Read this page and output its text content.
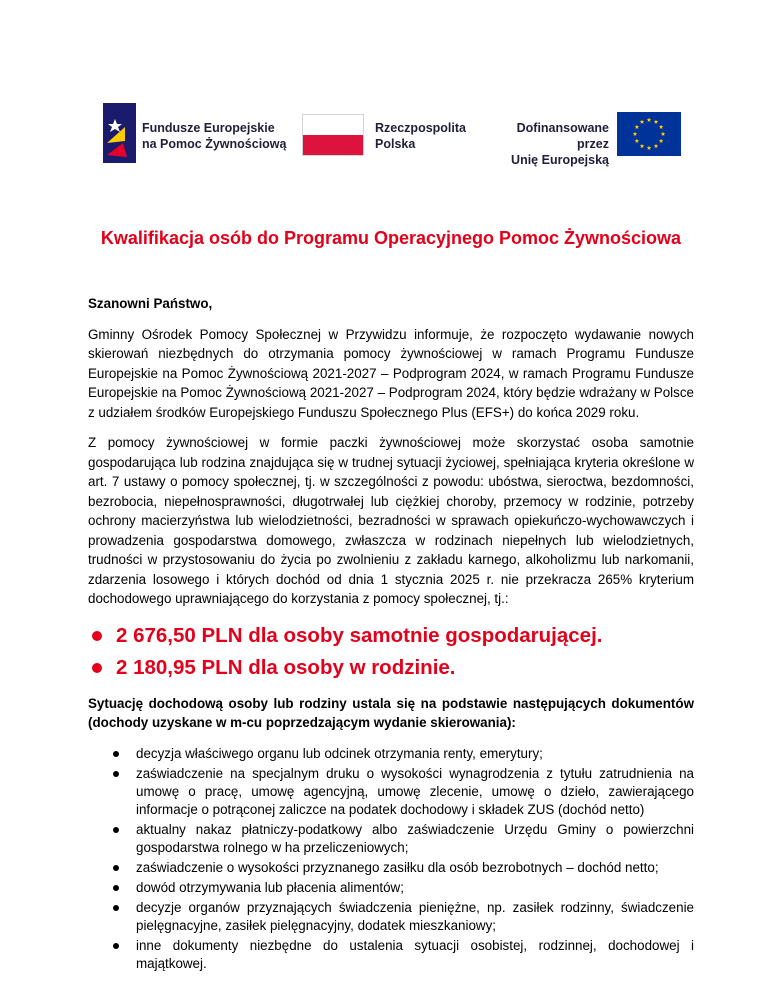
Fundusze Europejskie
na Pomoc Żywnościową
Rzeczpospolita
Polska
Dofinansowane przez
Unię Europejską
Kwalifikacja osób do Programu Operacyjnego Pomoc Żywnościowa

Szanowni Państwo,

Gminny Ośrodek Pomocy Społecznej w Przywidzu informuje, że rozpoczęto wydawanie nowych skierowań niezbędnych do otrzymania pomocy żywnościowej w ramach Programu Fundusze Europejskie na Pomoc Żywnościową 2021-2027 – Podprogram 2024, w ramach Programu Fundusze Europejskie na Pomoc Żywnościową 2021-2027 – Podprogram 2024, który będzie wdrażany w Polsce z udziałem środków Europejskiego Funduszu Społecznego Plus (EFS+) do końca 2029 roku.

Z pomocy żywnościowej w formie paczki żywnościowej może skorzystać osoba samotnie gospodarująca lub rodzina znajdująca się w trudnej sytuacji życiowej, spełniająca kryteria określone w art. 7 ustawy o pomocy społecznej, tj. w szczególności z powodu: ubóstwa, sieroctwa, bezdomności, bezrobocia, niepełnosprawności, długotrwałej lub ciężkiej choroby, przemocy w rodzinie, potrzeby ochrony macierzyństwa lub wielodzietności, bezradności w sprawach opiekuńczo-wychowawczych i prowadzenia gospodarstwa domowego, zwłaszcza w rodzinach niepełnych lub wielodzietnych, trudności w przystosowaniu do życia po zwolnieniu z zakładu karnego, alkoholizmu lub narkomanii, zdarzenia losowego i których dochód od dnia 1 stycznia 2025 r. nie przekracza 265% kryterium dochodowego uprawniającego do korzystania z pomocy społecznej, tj.:

2 676,50 PLN dla osoby samotnie gospodarującej.
2 180,95 PLN dla osoby w rodzinie.

Sytuację dochodową osoby lub rodziny ustala się na podstawie następujących dokumentów (dochody uzyskane w m-cu poprzedzającym wydanie skierowania):

decyzja właściwego organu lub odcinek otrzymania renty, emerytury;
zaświadczenie na specjalnym druku o wysokości wynagrodzenia z tytułu zatrudnienia na umowę o pracę, umowę agencyjną, umowę zlecenie, umowę o dzieło, zawierającego informacje o potrąconej zaliczce na podatek dochodowy i składek ZUS (dochód netto)
aktualny nakaz płatniczy-podatkowy albo zaświadczenie Urzędu Gminy o powierzchni gospodarstwa rolnego w ha przeliczeniowych;
zaświadczenie o wysokości przyznanego zasiłku dla osób bezrobotnych – dochód netto;
dowód otrzymywania lub płacenia alimentów;
decyzje organów przyznających świadczenia pieniężne, np. zasiłek rodzinny, świadczenie pielęgnacyjne, zasiłek pielęgnacyjny, dodatek mieszkaniowy;
inne dokumenty niezbędne do ustalenia sytuacji osobistej, rodzinnej, dochodowej i majątkowej.
